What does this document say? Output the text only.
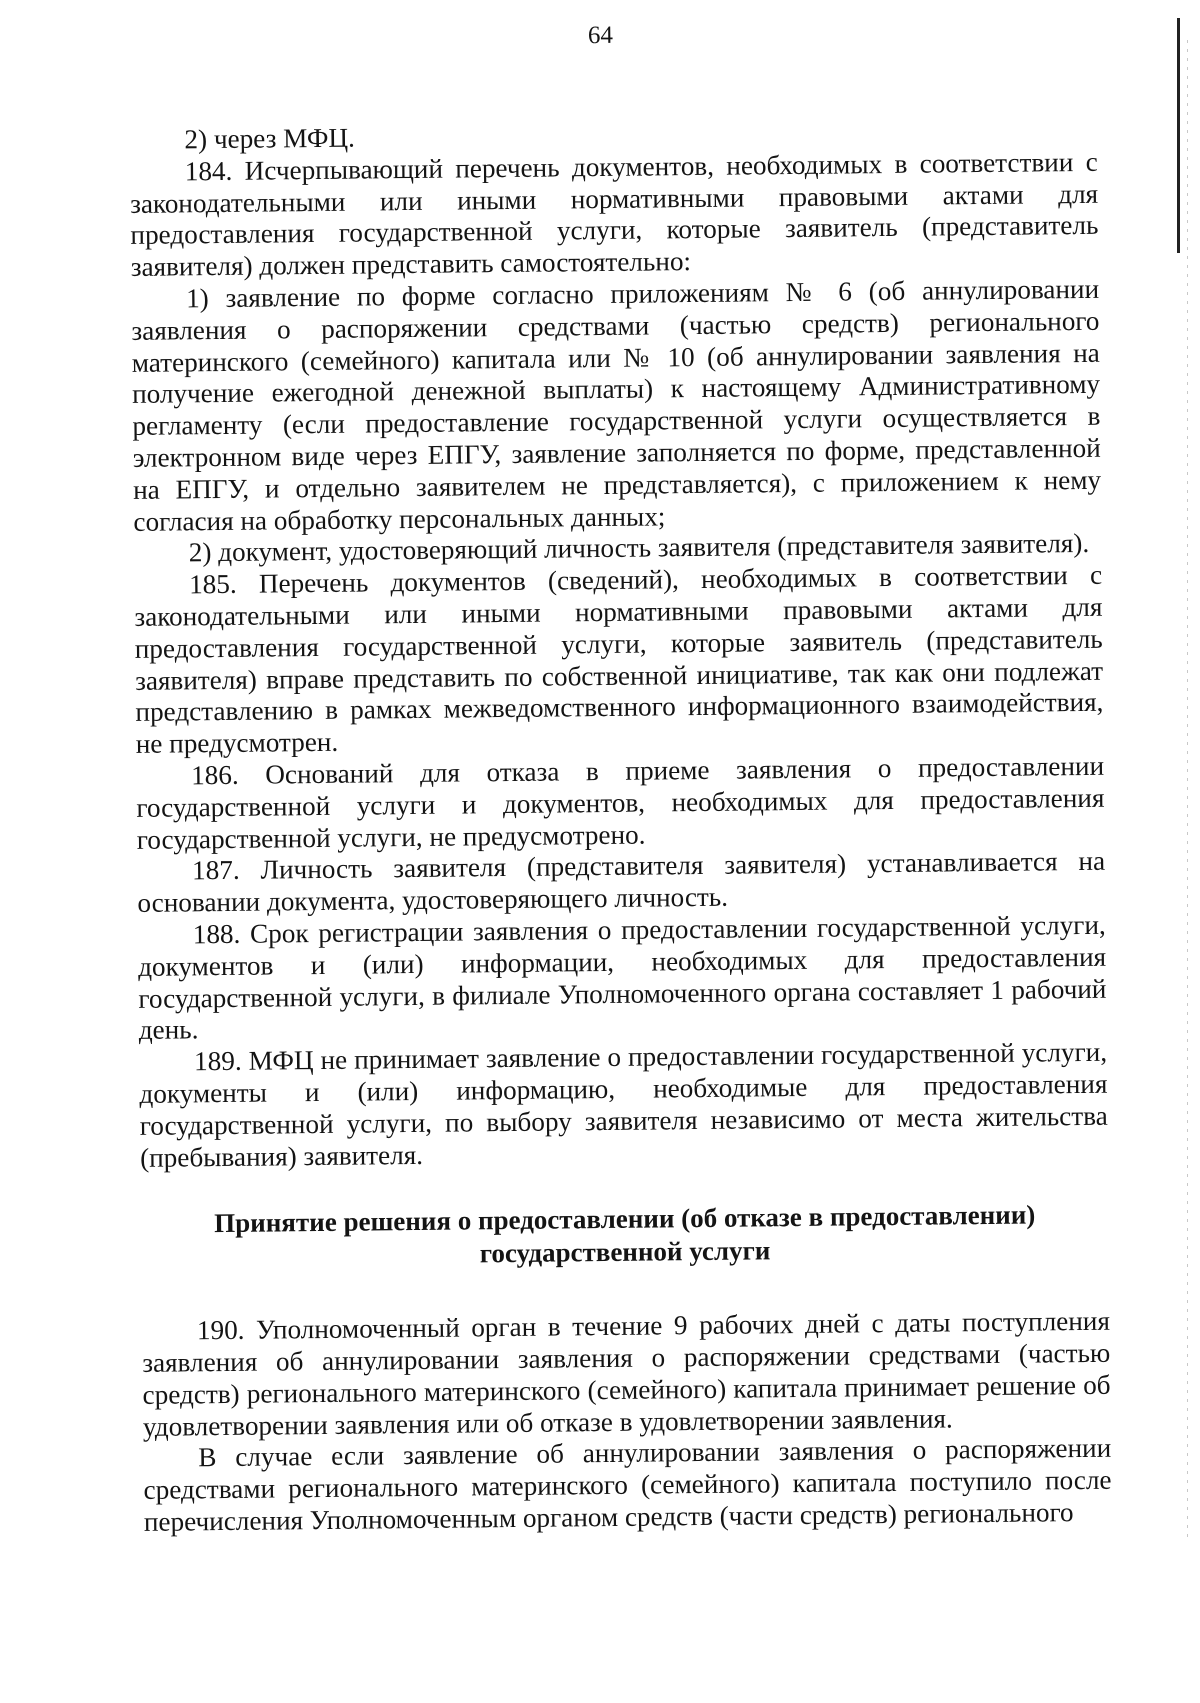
64

2) через МФЦ.

184. Исчерпывающий перечень документов, необходимых в соответствии с законодательными или иными нормативными правовыми актами для предоставления государственной услуги, которые заявитель (представитель заявителя) должен представить самостоятельно:

1) заявление по форме согласно приложениям № 6 (об аннулировании заявления о распоряжении средствами (частью средств) регионального материнского (семейного) капитала или № 10 (об аннулировании заявления на получение ежегодной денежной выплаты) к настоящему Административному регламенту (если предоставление государственной услуги осуществляется в электронном виде через ЕПГУ, заявление заполняется по форме, представленной на ЕПГУ, и отдельно заявителем не представляется), с приложением к нему согласия на обработку персональных данных;

2) документ, удостоверяющий личность заявителя (представителя заявителя).

185. Перечень документов (сведений), необходимых в соответствии с законодательными или иными нормативными правовыми актами для предоставления государственной услуги, которые заявитель (представитель заявителя) вправе представить по собственной инициативе, так как они подлежат представлению в рамках межведомственного информационного взаимодействия, не предусмотрен.

186. Оснований для отказа в приеме заявления о предоставлении государственной услуги и документов, необходимых для предоставления государственной услуги, не предусмотрено.

187. Личность заявителя (представителя заявителя) устанавливается на основании документа, удостоверяющего личность.

188. Срок регистрации заявления о предоставлении государственной услуги, документов и (или) информации, необходимых для предоставления государственной услуги, в филиале Уполномоченного органа составляет 1 рабочий день.

189. МФЦ не принимает заявление о предоставлении государственной услуги, документы и (или) информацию, необходимые для предоставления государственной услуги, по выбору заявителя независимо от места жительства (пребывания) заявителя.

Принятие решения о предоставлении (об отказе в предоставлении)
государственной услуги

190. Уполномоченный орган в течение 9 рабочих дней с даты поступления заявления об аннулировании заявления о распоряжении средствами (частью средств) регионального материнского (семейного) капитала принимает решение об удовлетворении заявления или об отказе в удовлетворении заявления.

В случае если заявление об аннулировании заявления о распоряжении средствами регионального материнского (семейного) капитала поступило после перечисления Уполномоченным органом средств (части средств) регионального
